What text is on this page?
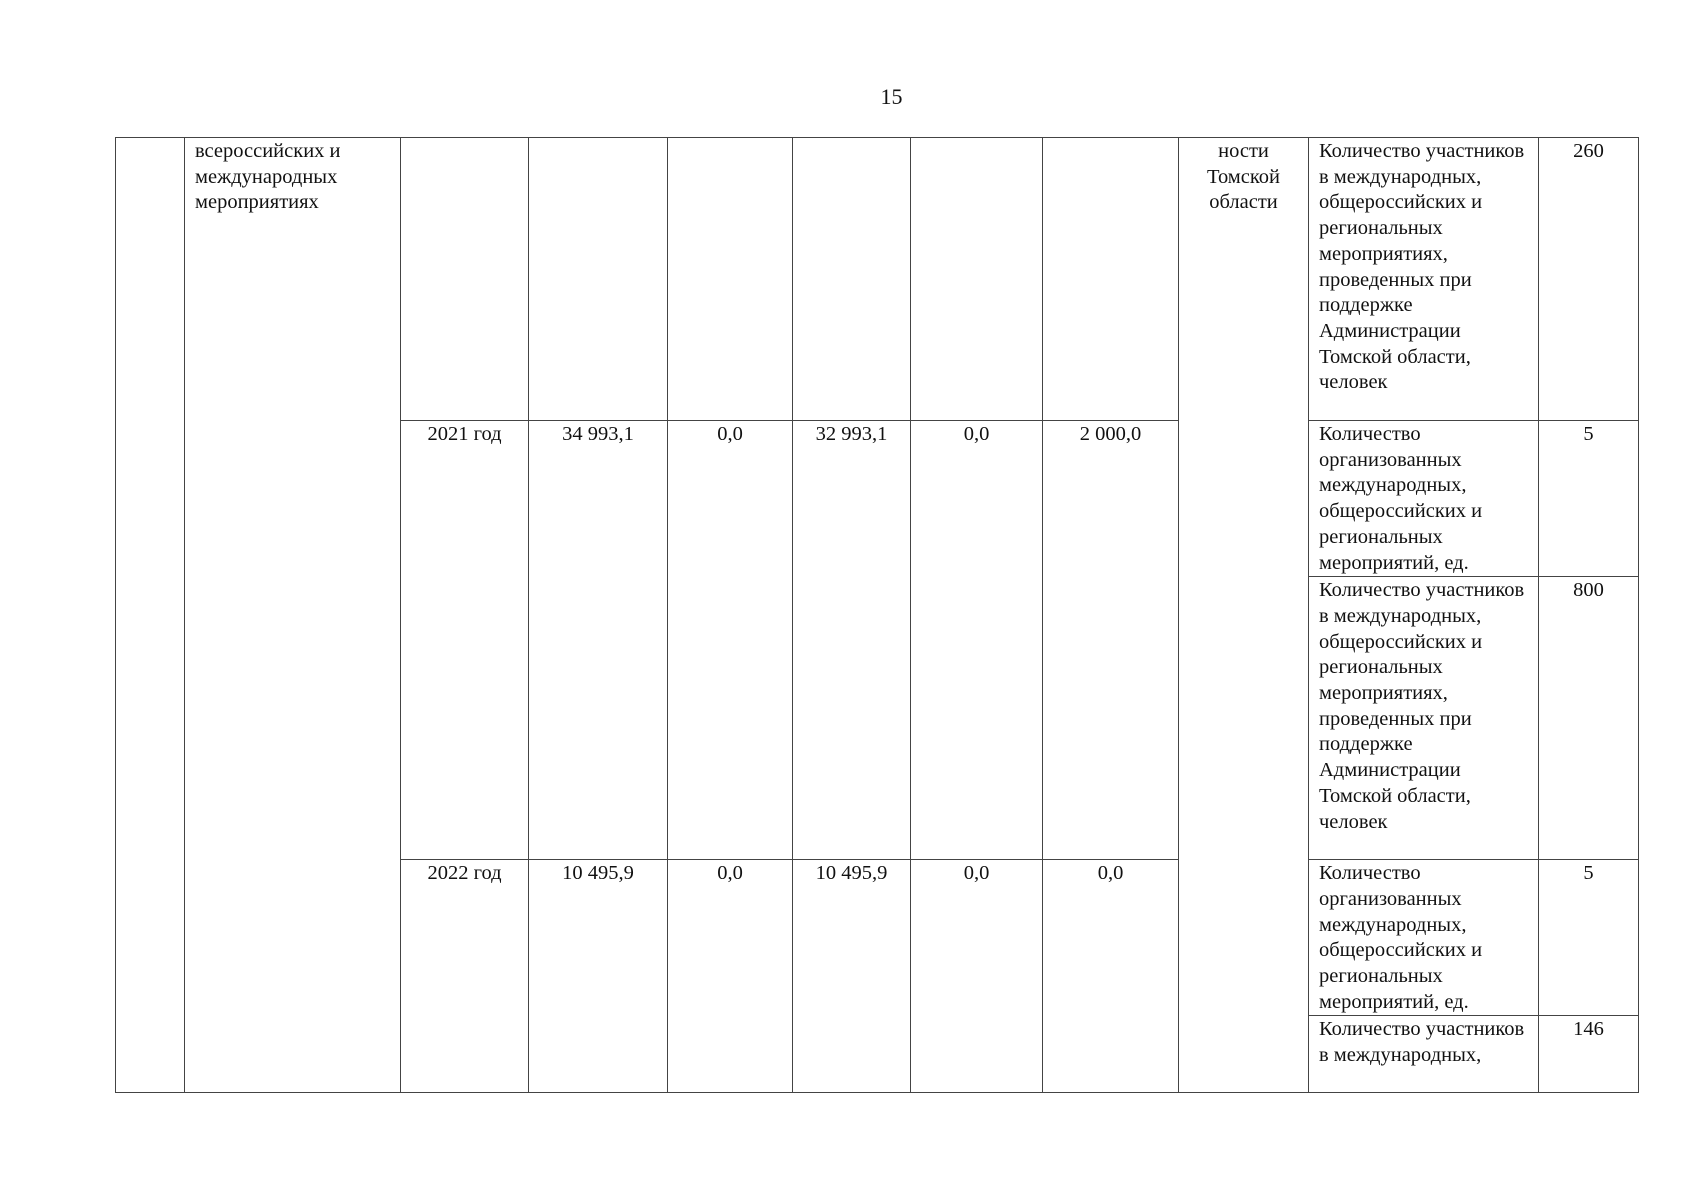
15
	всероссийских и международных мероприятиях							ности Томской области	Количество участников в международных, общероссийских и региональных мероприятиях, проведенных при поддержке Администрации Томской области, человек	260
		2021 год	34 993,1	0,0	32 993,1	0,0	2 000,0		Количество организованных международных, общероссийских и региональных мероприятий, ед.	5
									Количество участников в международных, общероссийских и региональных мероприятиях, проведенных при поддержке Администрации Томской области, человек	800
		2022 год	10 495,9	0,0	10 495,9	0,0	0,0		Количество организованных международных, общероссийских и региональных мероприятий, ед.	5
									Количество участников в международных,	146
